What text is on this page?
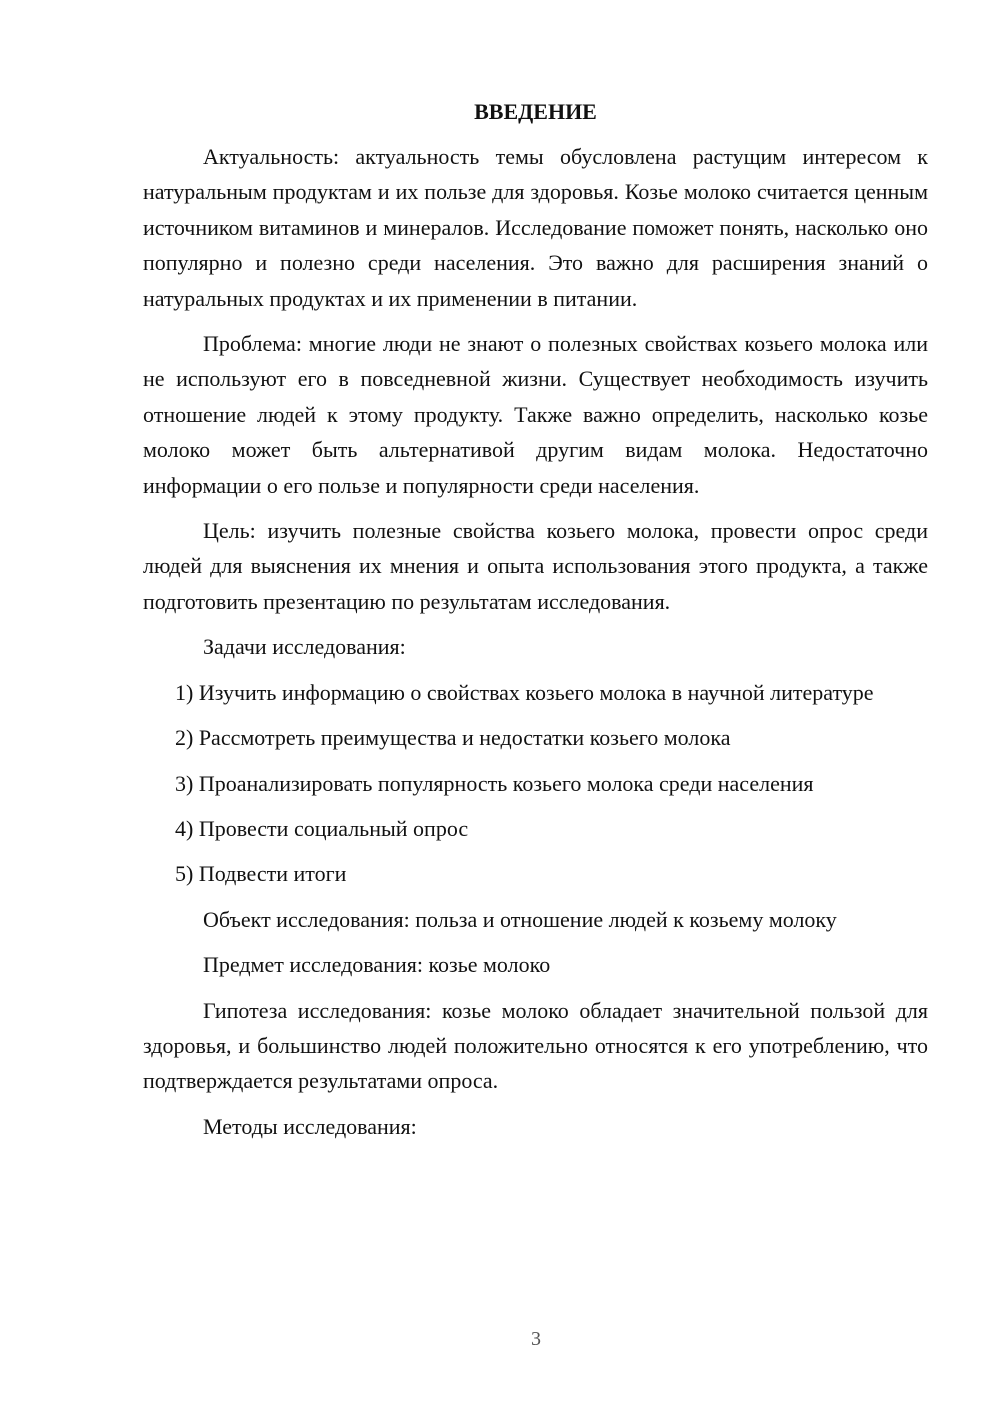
ВВЕДЕНИЕ

Актуальность: актуальность темы обусловлена растущим интересом к натуральным продуктам и их пользе для здоровья. Козье молоко считается ценным источником витаминов и минералов. Исследование поможет понять, насколько оно популярно и полезно среди населения. Это важно для расширения знаний о натуральных продуктах и их применении в питании.

Проблема: многие люди не знают о полезных свойствах козьего молока или не используют его в повседневной жизни. Существует необходимость изучить отношение людей к этому продукту. Также важно определить, насколько козье молоко может быть альтернативой другим видам молока. Недостаточно информации о его пользе и популярности среди населения.

Цель: изучить полезные свойства козьего молока, провести опрос среди людей для выяснения их мнения и опыта использования этого продукта, а также подготовить презентацию по результатам исследования.

Задачи исследования:

1) Изучить информацию о свойствах козьего молока в научной литературе

2) Рассмотреть преимущества и недостатки козьего молока

3) Проанализировать популярность козьего молока среди населения

4) Провести социальный опрос

5) Подвести итоги

Объект исследования: польза и отношение людей к козьему молоку

Предмет исследования: козье молоко

Гипотеза исследования: козье молоко обладает значительной пользой для здоровья, и большинство людей положительно относятся к его употреблению, что подтверждается результатами опроса.

Методы исследования:

3
